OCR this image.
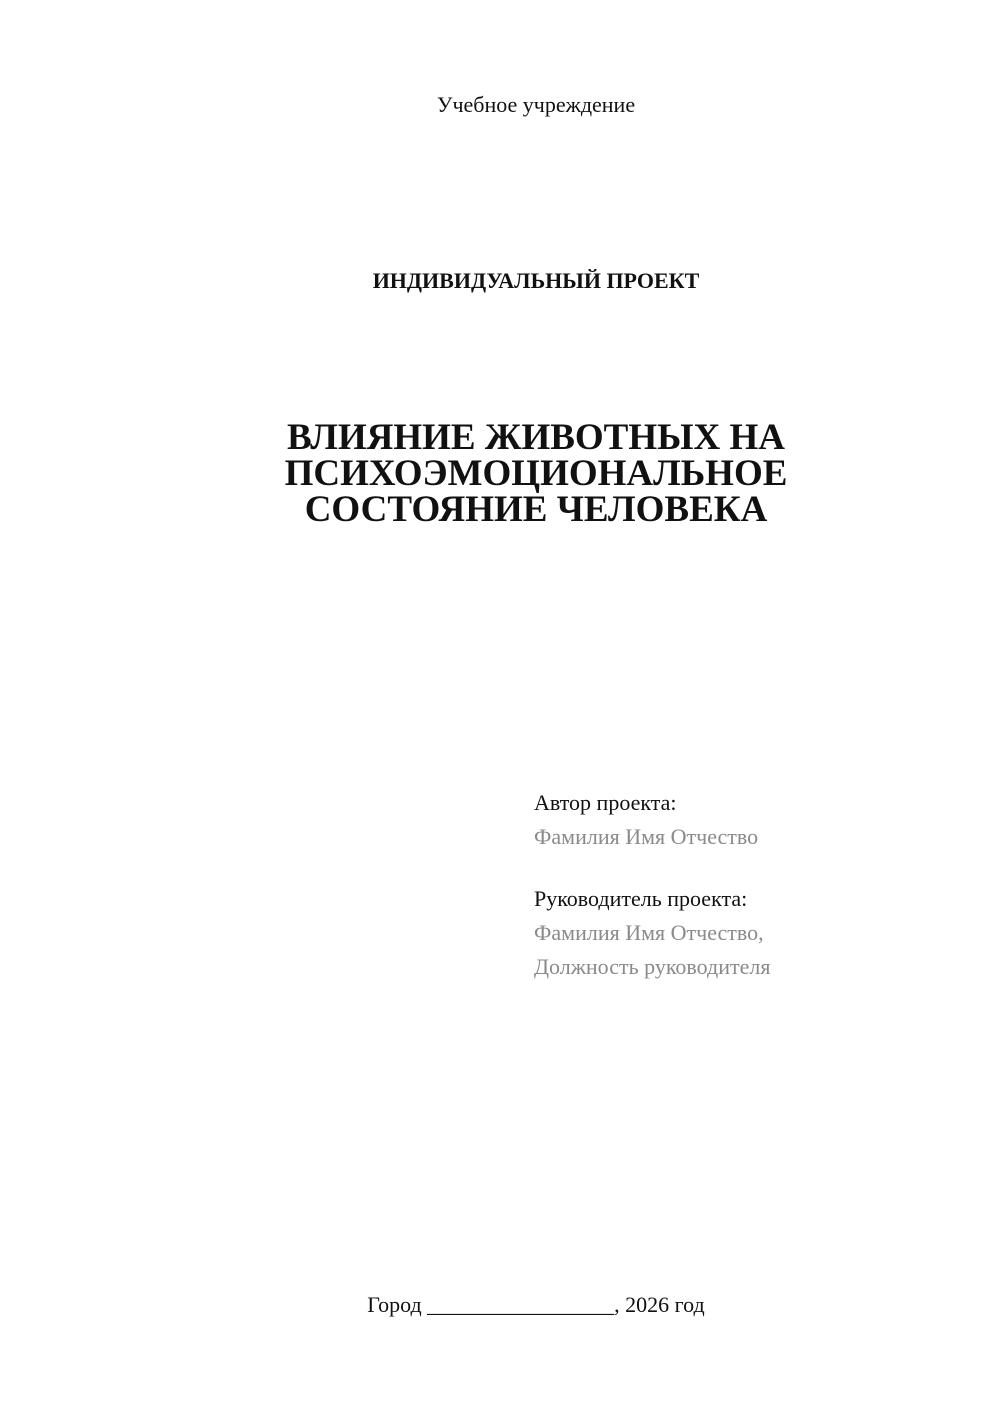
Учебное учреждение
ИНДИВИДУАЛЬНЫЙ ПРОЕКТ
ВЛИЯНИЕ ЖИВОТНЫХ НА
ПСИХОЭМОЦИОНАЛЬНОЕ
СОСТОЯНИЕ ЧЕЛОВЕКА
Автор проекта:
Фамилия Имя Отчество
Руководитель проекта:
Фамилия Имя Отчество,
Должность руководителя
Город _________________, 2026 год
